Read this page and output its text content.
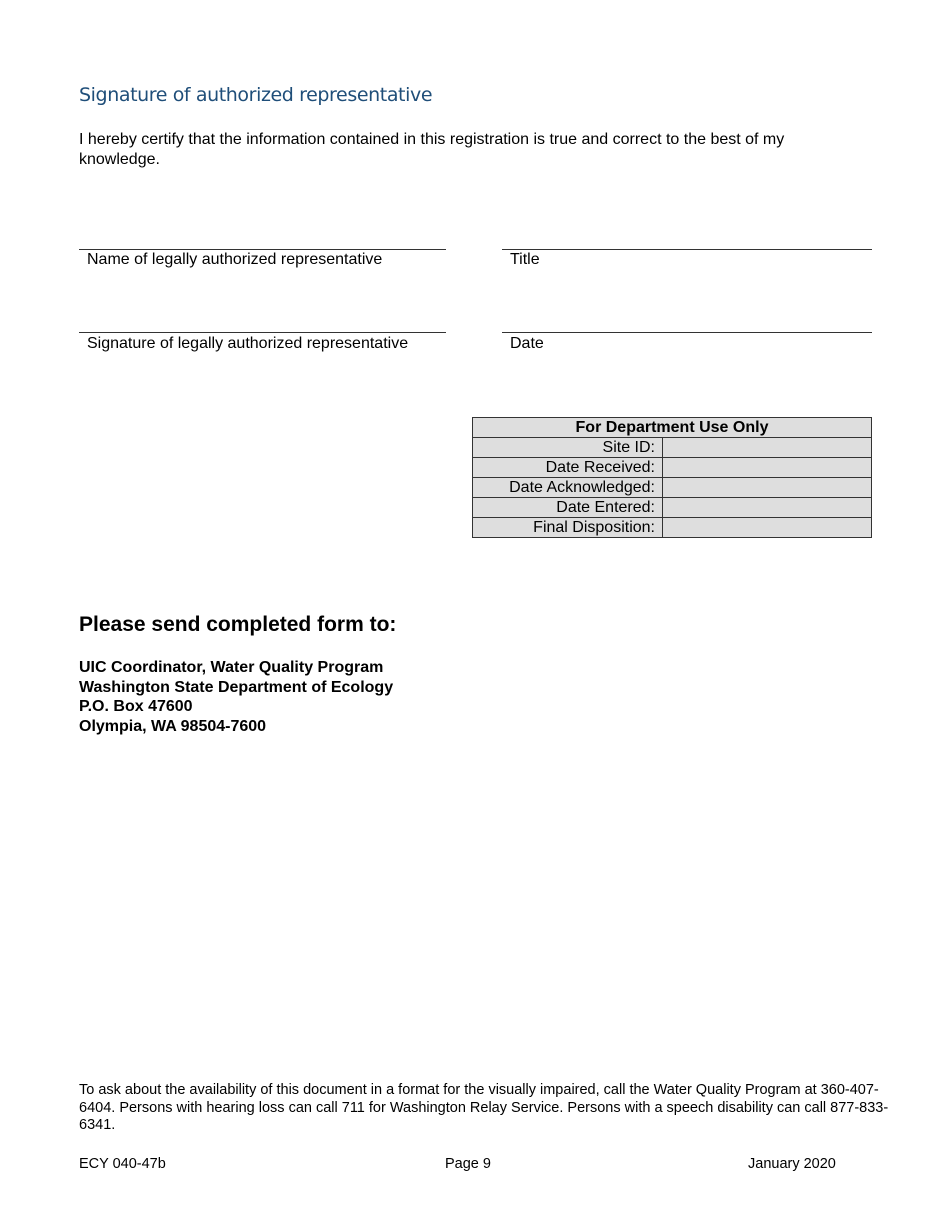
Signature of authorized representative
I hereby certify that the information contained in this registration is true and correct to the best of my knowledge.
Name of legally authorized representative	Title
Signature of legally authorized representative	Date
For Department Use Only	
Site ID:	
Date Received:	
Date Acknowledged:	
Date Entered:	
Final Disposition:	
Please send completed form to:
UIC Coordinator, Water Quality Program
Washington State Department of Ecology
P.O. Box 47600
Olympia, WA 98504-7600
To ask about the availability of this document in a format for the visually impaired, call the Water Quality Program at 360-407-6404. Persons with hearing loss can call 711 for Washington Relay Service. Persons with a speech disability can call 877-833-6341.
ECY 040-47b	Page 9	January 2020
